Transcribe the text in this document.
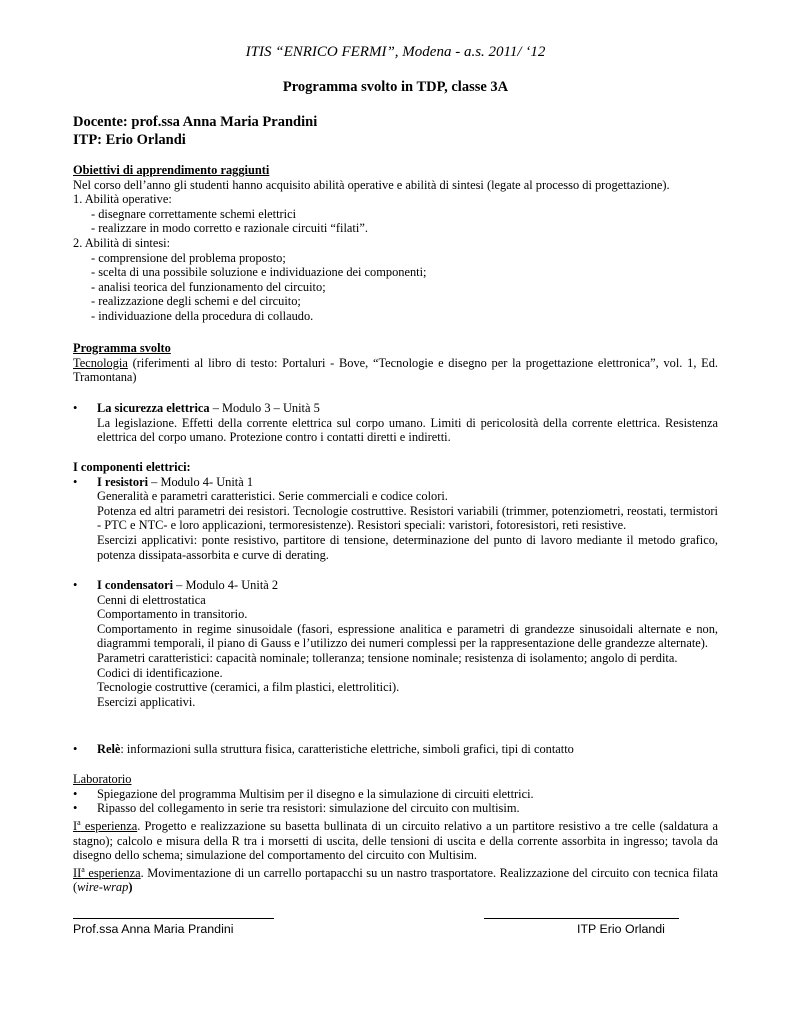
ITIS “ENRICO FERMI”, Modena - a.s. 2011/ ‘12
Programma svolto in TDP, classe 3A
Docente: prof.ssa Anna Maria Prandini
ITP: Erio Orlandi
Obiettivi di apprendimento raggiunti
Nel corso dell’anno gli studenti hanno acquisito abilità operative e abilità di sintesi (legate al processo di progettazione).
1. Abilità operative:
- disegnare correttamente schemi elettrici
- realizzare in modo corretto e razionale circuiti “filati”.
2. Abilità di sintesi:
- comprensione del problema proposto;
- scelta di una possibile soluzione e individuazione dei componenti;
- analisi teorica del funzionamento del circuito;
- realizzazione degli schemi e del circuito;
- individuazione della procedura di collaudo.
Programma svolto
Tecnologia (riferimenti al libro di testo: Portaluri - Bove, “Tecnologie e disegno per la progettazione elettronica”, vol. 1, Ed. Tramontana)
• La sicurezza elettrica – Modulo 3 – Unità 5
La legislazione. Effetti della corrente elettrica sul corpo umano. Limiti di pericolosità della corrente elettrica. Resistenza elettrica del corpo umano. Protezione contro i contatti diretti e indiretti.
I componenti elettrici:
• I resistori – Modulo 4- Unità 1
Generalità e parametri caratteristici. Serie commerciali e codice colori.
Potenza ed altri parametri dei resistori. Tecnologie costruttive. Resistori variabili (trimmer, potenziometri, reostati, termistori - PTC e NTC- e loro applicazioni, termoresistenze). Resistori speciali: varistori, fotoresistori, reti resistive.
Esercizi applicativi: ponte resistivo, partitore di tensione, determinazione del punto di lavoro mediante il metodo grafico, potenza dissipata-assorbita e curve di derating.
• I condensatori – Modulo 4- Unità 2
Cenni di elettrostatica
Comportamento in transitorio.
Comportamento in regime sinusoidale (fasori, espressione analitica e parametri di grandezze sinusoidali alternate e non, diagrammi temporali, il piano di Gauss e l’utilizzo dei numeri complessi per la rappresentazione delle grandezze alternate).
Parametri caratteristici: capacità nominale; tolleranza; tensione nominale; resistenza di isolamento; angolo di perdita.
Codici di identificazione.
Tecnologie costruttive (ceramici, a film plastici, elettrolitici).
Esercizi applicativi.
• Relè: informazioni sulla struttura fisica, caratteristiche elettriche, simboli grafici, tipi di contatto
Laboratorio
• Spiegazione del programma Multisim per il disegno e la simulazione di circuiti elettrici.
• Ripasso del collegamento in serie tra resistori: simulazione del circuito con multisim.
$I^a$ esperienza. Progetto e realizzazione su basetta bullinata di un circuito relativo a un partitore resistivo a tre celle (saldatura a stagno); calcolo e misura della R tra i morsetti di uscita, delle tensioni di uscita e della corrente assorbita in ingresso; tavola da disegno dello schema; simulazione del comportamento del circuito con Multisim.
$II^a$ esperienza. Movimentazione di un carrello portapacchi su un nastro trasportatore. Realizzazione del circuito con tecnica filata (wire-wrap)
Prof.ssa Anna Maria Prandini	ITP Erio Orlandi
